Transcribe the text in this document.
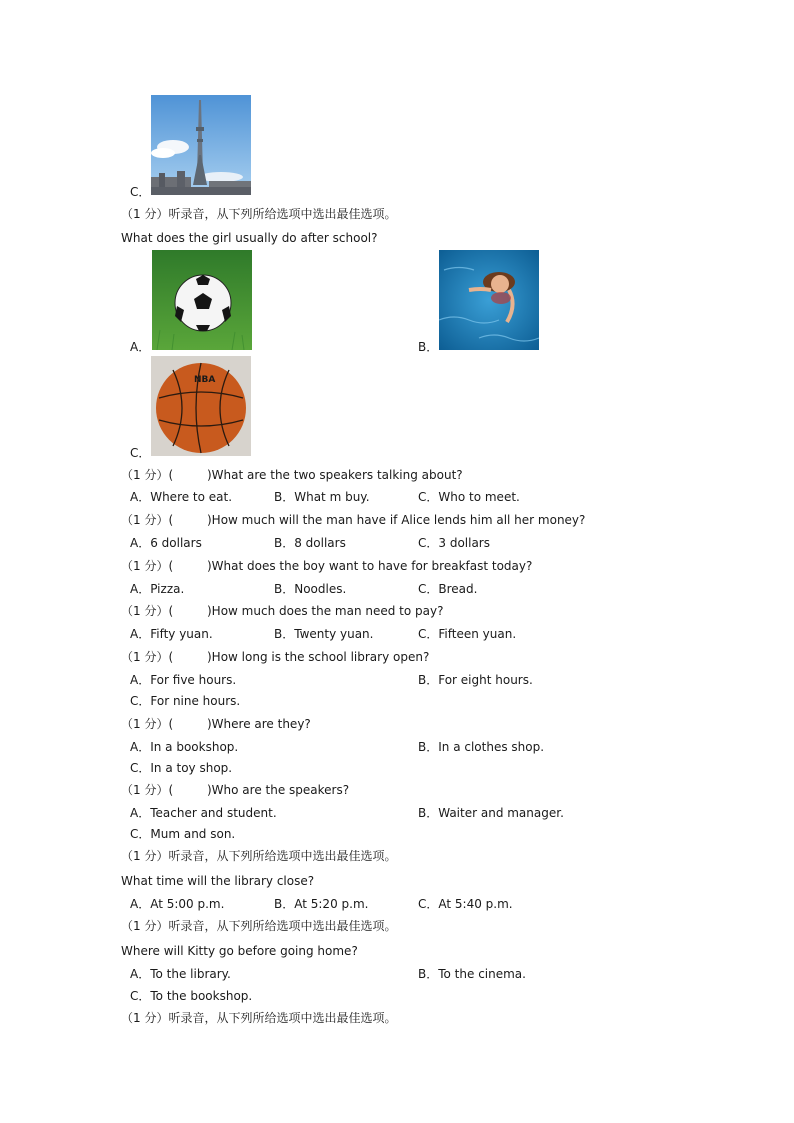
C．
（1 分）听录音，从下列所给选项中选出最佳选项。
What does the girl usually do after school?
A．	B．
NBA
C．
（1 分）(	)What are the two speakers talking about?
A．Where to eat.	B．What m buy.	C．Who to meet.
（1 分）(	)How much will the man have if Alice lends him all her money?
A．6 dollars	B．8 dollars	C．3 dollars
（1 分）(	)What does the boy want to have for breakfast today?
A．Pizza.	B．Noodles.	C．Bread.
（1 分）(	)How much does the man need to pay?
A．Fifty yuan.	B．Twenty yuan.	C．Fifteen yuan.
（1 分）(	)How long is the school library open?
A．For five hours.	B．For eight hours.
C．For nine hours.
（1 分）(	)Where are they?
A．In a bookshop.	B．In a clothes shop.
C．In a toy shop.
（1 分）(	)Who are the speakers?
A．Teacher and student.	B．Waiter and manager.
C．Mum and son.
（1 分）听录音，从下列所给选项中选出最佳选项。
What time will the library close?
A．At 5:00 p.m.	B．At 5:20 p.m.	C．At 5:40 p.m.
（1 分）听录音，从下列所给选项中选出最佳选项。
Where will Kitty go before going home?
A．To the library.	B．To the cinema.
C．To the bookshop.
（1 分）听录音，从下列所给选项中选出最佳选项。
